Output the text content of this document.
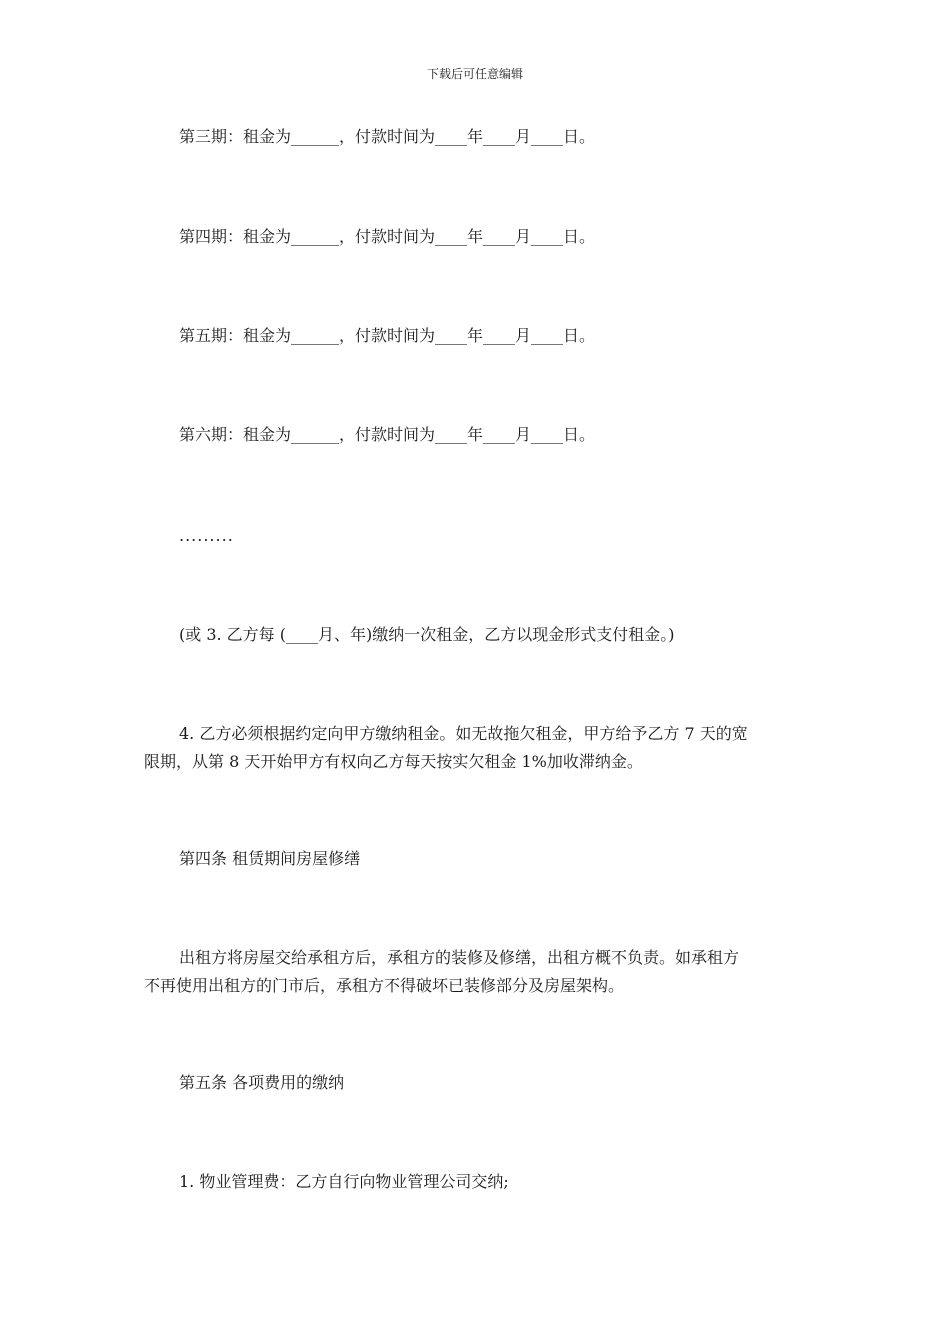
下载后可任意编辑
第三期：租金为______，付款时间为____年____月____日。
第四期：租金为______，付款时间为____年____月____日。
第五期：租金为______，付款时间为____年____月____日。
第六期：租金为______，付款时间为____年____月____日。
.........
(或 3. 乙方每 (____月、年)缴纳一次租金，乙方以现金形式支付租金。)
4. 乙方必须根据约定向甲方缴纳租金。如无故拖欠租金，甲方给予乙方 7 天的宽
限期，从第 8 天开始甲方有权向乙方每天按实欠租金 1%加收滞纳金。
第四条 租赁期间房屋修缮
出租方将房屋交给承租方后，承租方的装修及修缮，出租方概不负责。如承租方
不再使用出租方的门市后，承租方不得破坏已装修部分及房屋架构。
第五条 各项费用的缴纳
1. 物业管理费：乙方自行向物业管理公司交纳;
